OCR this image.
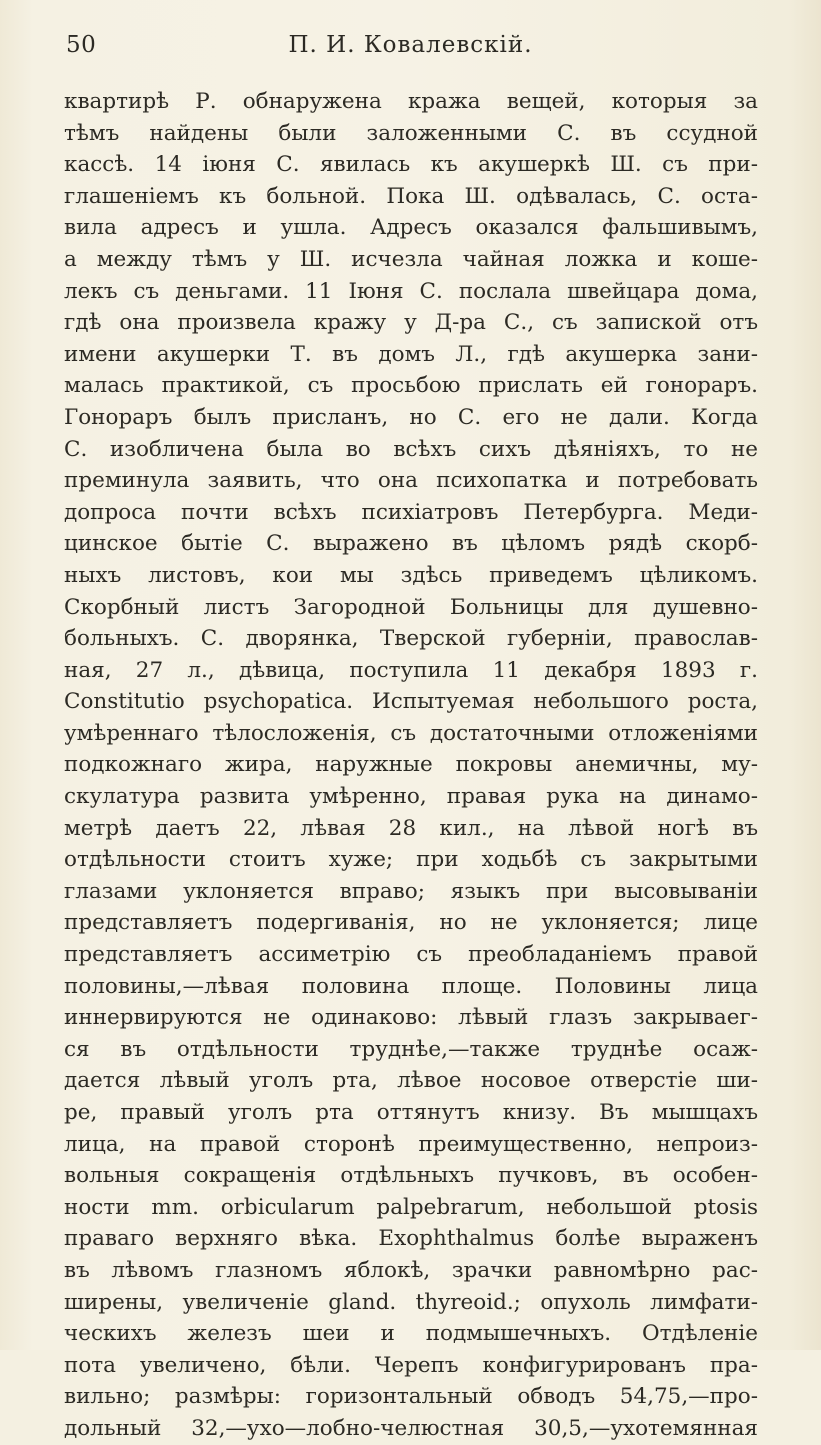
50	П. И. Ковалевскій.
квартирѣ Р. обнаружена кража вещей, которыя за
тѣмъ найдены были заложенными С. въ ссудной
кассѣ. 14 іюня С. явилась къ акушеркѣ Ш. съ при-
глашеніемъ къ больной. Пока Ш. одѣвалась, С. оста-
вила адресъ и ушла. Адресъ оказался фальшивымъ,
а между тѣмъ у Ш. исчезла чайная ложка и коше-
лекъ съ деньгами. 11 Іюня С. послала швейцара дома,
гдѣ она произвела кражу у Д-ра С., съ запиской отъ
имени акушерки Т. въ домъ Л., гдѣ акушерка зани-
малась практикой, съ просьбою прислать ей гонораръ.
Гонораръ былъ присланъ, но С. его не дали. Когда
С. изобличена была во всѣхъ сихъ дѣяніяхъ, то не
преминула заявить, что она психопатка и потребовать
допроса почти всѣхъ психіатровъ Петербурга. Меди-
цинское бытіе С. выражено въ цѣломъ рядѣ скорб-
ныхъ листовъ, кои мы здѣсь приведемъ цѣликомъ.
Скорбный листъ Загородной Больницы для душевно-
больныхъ. С. дворянка, Тверской губерніи, православ-
ная, 27 л., дѣвица, поступила 11 декабря 1893 г.
Constitutio psychopatica. Испытуемая небольшого роста,
умѣреннаго тѣлосложенія, съ достаточными отложеніями
подкожнаго жира, наружные покровы анемичны, му-
скулатура развита умѣренно, правая рука на динамо-
метрѣ даетъ 22, лѣвая 28 кил., на лѣвой ногѣ въ
отдѣльности стоитъ хуже; при ходьбѣ съ закрытыми
глазами уклоняется вправо; языкъ при высовываніи
представляетъ подергиванія, но не уклоняется; лице
представляетъ ассиметрію съ преобладаніемъ правой
половины,—лѣвая половина площе. Половины лица
иннервируются не одинаково: лѣвый глазъ закрываег-
ся въ отдѣльности труднѣе,—также труднѣе осаж-
дается лѣвый уголъ рта, лѣвое носовое отверстіе ши-
ре, правый уголъ рта оттянутъ книзу. Въ мышцахъ
лица, на правой сторонѣ преимущественно, непроиз-
вольныя сокращенія отдѣльныхъ пучковъ, въ особен-
ности mm. orbicularum palpebrarum, небольшой ptosis
праваго верхняго вѣка. Exophthalmus болѣе выраженъ
въ лѣвомъ глазномъ яблокѣ, зрачки равномѣрно рас-
ширены, увеличеніе gland. thyreoid.; опухоль лимфати-
ческихъ железъ шеи и подмышечныхъ. Отдѣленіе
пота увеличено, бѣли. Черепъ конфигурированъ пра-
вильно; размѣры: горизонтальный обводъ 54,75,—про-
дольный 32,—ухо—лобно-челюстная 30,5,—ухотемянная
